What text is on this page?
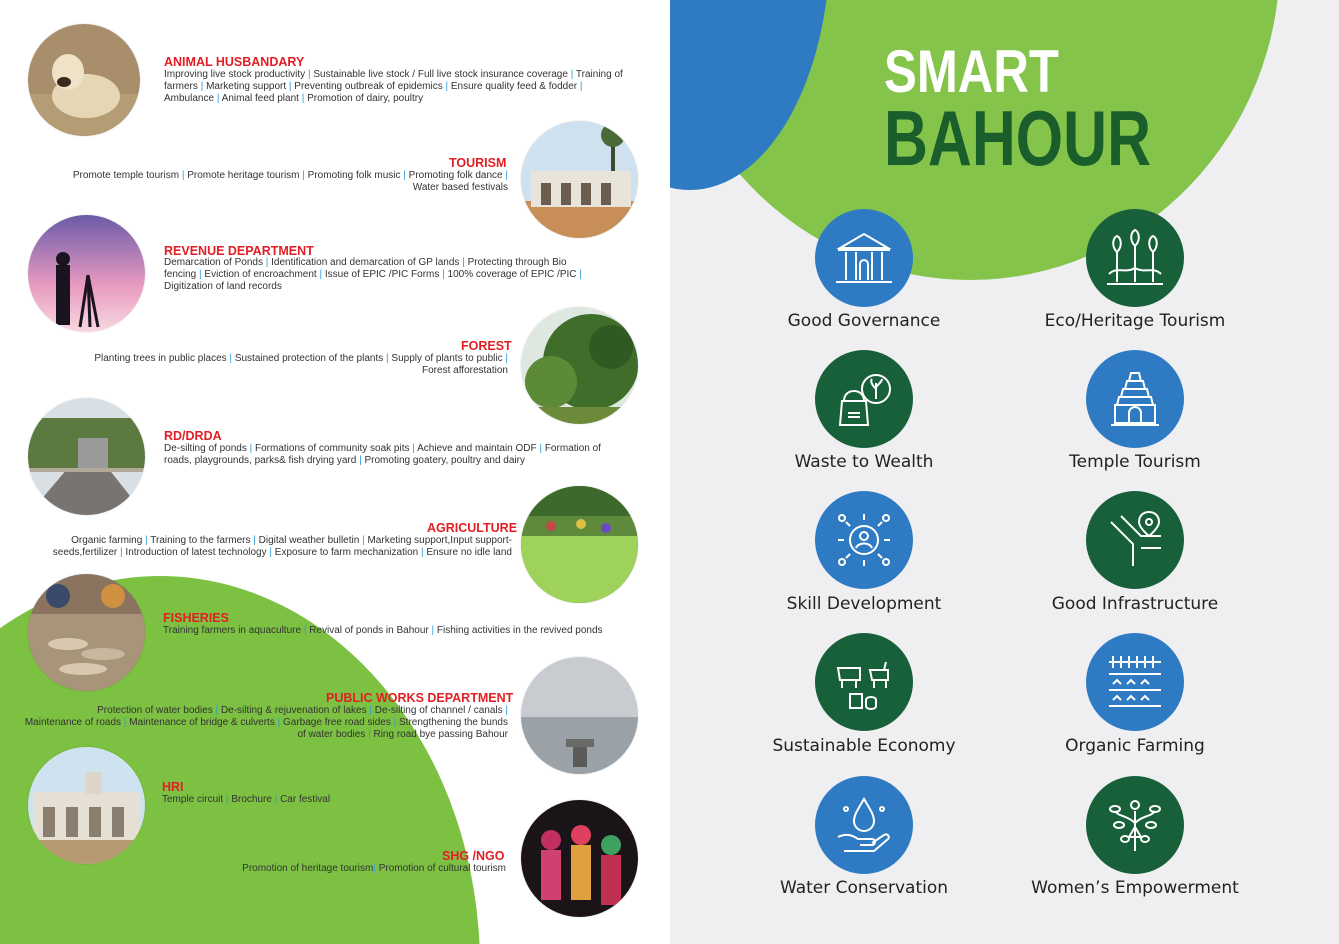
ANIMAL HUSBANDARY
Improving live stock productivity | Sustainable live stock / Full live stock insurance coverage | Training of farmers | Marketing support | Preventing outbreak of epidemics | Ensure quality feed & fodder | Ambulance | Animal feed plant | Promotion of dairy, poultry
TOURISM
Promote temple tourism | Promote heritage tourism | Promoting folk music | Promoting folk dance |
Water based festivals
REVENUE DEPARTMENT
Demarcation of Ponds | Identification and demarcation of GP lands | Protecting through Bio fencing | Eviction of encroachment | Issue of EPIC /PIC Forms | 100% coverage of EPIC /PIC | Digitization of land records
FOREST
Planting trees in public places | Sustained protection of the plants | Supply of plants to public |
Forest afforestation
RD/DRDA
De-silting of ponds | Formations of community soak pits | Achieve and maintain ODF | Formation of roads, playgrounds, parks& fish drying yard | Promoting goatery, poultry and dairy
AGRICULTURE
Organic farming | Training to the farmers | Digital weather bulletin | Marketing support,Input support-seeds,fertilizer | Introduction of latest technology | Exposure to farm mechanization | Ensure no idle land
FISHERIES
Training farmers in aquaculture | Revival of ponds in Bahour | Fishing activities in the revived ponds
PUBLIC WORKS DEPARTMENT
Protection of water bodies | De-silting & rejuvenation of lakes | De-silting of channel / canals |
Maintenance of roads | Maintenance of bridge & culverts | Garbage free road sides | Strengthening the bunds of water bodies | Ring road bye passing Bahour
HRI
Temple circuit | Brochure | Car festival
SHG /NGO
Promotion of heritage tourism| Promotion of cultural tourism
SMART
BAHOUR
Good Governance	Eco/Heritage Tourism
Waste to Wealth	Temple Tourism
Skill Development	Good Infrastructure
Sustainable Economy	Organic Farming
Water Conservation	Women’s Empowerment
